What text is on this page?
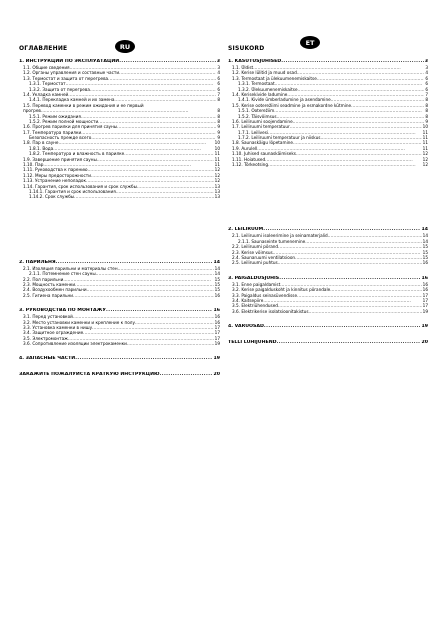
ОГЛАВЛЕНИЕ	RU
1. ИНСТРУКЦИИ ПО ЭКСПЛУАТАЦИИ . . .	3
1.1. Общие сведения . . .	3
1.2. Органы управления и составные части . . .	4
1.3. Термостат и защита от перегрева . . .	6
1.3.1. Термостат . . .	6
1.3.2. Защита от перегрева . . .	6
1.4. Укладка камней . . .	7
1.4.1. Перекладка камней и их замена . . .	8
1.5. Перевод каменки в режим ожидания и ее первый
прогрев . . .	8
1.5.1. Режим ожидания . . .	8
1.5.2. Режим полной мощности . . .	8
1.6. Прогрев парилки для принятия сауны . . .	9
1.7. Температура парилки . . .	9
Безопасность прежде всего . . .	9
1.8. Пар в сауне . . .	10
1.8.1. Вода . . .	10
1.8.2. Температура и влажность в парилке . . .	11
1.9. Завершение принятия сауны . . .	11
1.10. Пар . . .	11
1.11. Руководства к парению . . .	12
1.12. Меры предосторожности . . .	12
1.13. Устранение неполадок . . .	12
1.14. Гарантия, срок использования и срок службы . . .	13
1.14.1. Гарантия и срок использования . . .	13
1.14.2. Срок службы . . .	13
2. ПАРИЛЬНЯ . . .	14
2.1. Изоляция парильни и материалы стен . . .	14
2.1.1. Потемнение стен сауны . . .	14
2.2. Пол парильни . . .	15
2.3. Мощность каменки . . .	15
2.4. Воздухообмен парильни . . .	15
2.5. Гигиена парильни . . .	16
3. РУКОВОДСТВА ПО МОНТАЖУ . . .	16
3.1. Перед установкой . . .	16
3.2. Место установки каменки и крепление к полу . . .	16
3.3. Установка каменки в нишу . . .	17
3.4. Защитное ограждение . . .	17
3.5. Электромонтаж . . .	17
3.6. Сопротивление изоляции электрокаменки . . .	19
4. ЗАПАСНЫЕ ЧАСТИ . . .	19
ЗАКАЖИТЕ ПОЖАЛУЙСТА КРАТКУЮ ИНСТРУКЦИЮ . . .	20
SISUKORD
ET
1. KASUTUSJUHISED . . .	3
1.1. Üldist . . .	3
1.2. Kerise lülitid ja muud osad . . .	4
1.3. Termostaat ja ülekuumenemiskaitse . . .	6
1.3.1. Termostaat . . .	6
1.3.2. Ülekuumenemiskaitse . . .	6
1.4. Kerisekivide ladumine . . .	7
1.4.1. Kivide ümberladumine ja asendamine . . .	8
1.5. Kerise ooterežiimi seadmine ja esmakordne kütmine . . .	8
1.5.1. Ooterežiim . . .	8
1.5.2. Täisvõimsus . . .	8
1.6. Leiliruumi soojendamine . . .	9
1.7. Leiliruumi temperatuur . . .	10
1.7.1. Leilivesi . . .	11
1.7.2. Leiliruumi temperatuur ja niiskus . . .	11
1.8. Saunaskäigu lõpetamine . . .	11
1.9. Aurulell . . .	11
1.10. Juhised saunaskäimiseks . . .	12
1.11. Hoiatused . . .	12
1.12. Tõrkeotsing . . .	12
2. LEILIRUUM . . .	14
2.1. Leiliruumi isoleerimine ja seinamaterjalid . . .	14
2.1.1. Saunaseinte tumenemine . . .	14
2.2. Leiliruumi põrand . . .	15
2.3. Kerise võimsus . . .	15
2.4. Saunaruumi ventilatsioon . . .	15
2.5. Leiliruumi puhtus . . .	16
3. PAIGALDUSJUHIS . . .	16
3.1. Enne paigaldamist . . .	16
3.2. Kerise paigalduskoht ja kinnitus põrandale . . .	16
3.3. Paigaldus seinasüvendisse . . .	17
3.4. Kaitsepiire . . .	17
3.5. Elektriühendused . . .	17
3.6. Elektrikerise isolatsioonitakistus . . .	19
4. VARUOSAD . . .	19
TELLI LÜHIJUHEND . . .	20
